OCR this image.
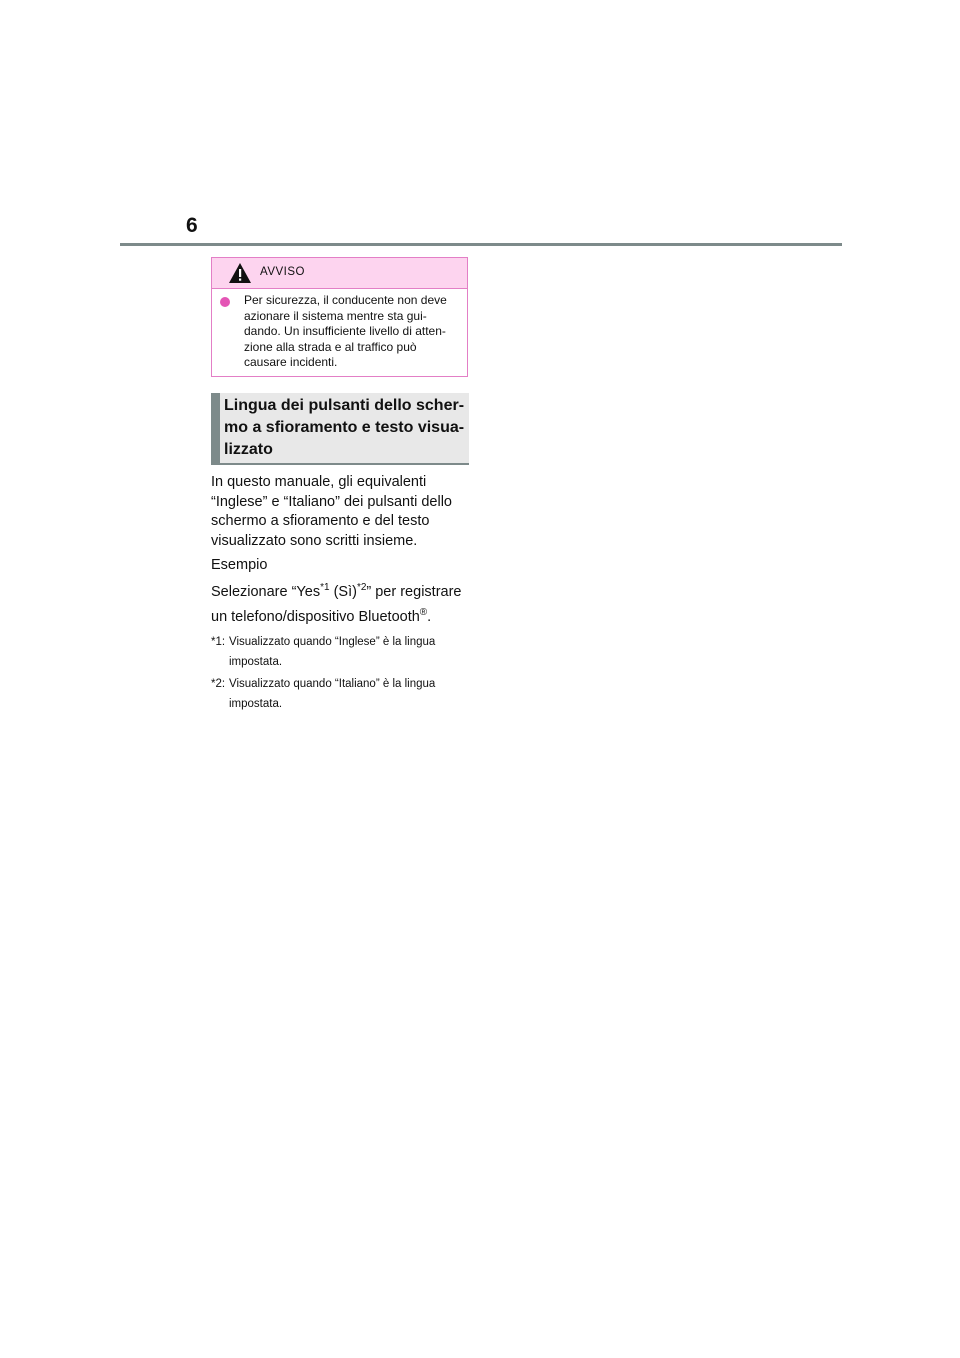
6
AVVISO
Per sicurezza, il conducente non deve azionare il sistema mentre sta gui-dando. Un insufficiente livello di atten-zione alla strada e al traffico può causare incidenti.
Lingua dei pulsanti dello scher-
mo a sfioramento e testo visua-
lizzato

In questo manuale, gli equivalenti “Inglese” e “Italiano” dei pulsanti dello schermo a sfioramento e del testo visualizzato sono scritti insieme.

Esempio

Selezionare “Yes$^{*1}$ (Sì)$^{*2}$” per registrare un telefono/dispositivo Bluetooth®.

*1: Visualizzato quando “Inglese” è la lingua impostata.
*2: Visualizzato quando “Italiano” è la lingua impostata.
